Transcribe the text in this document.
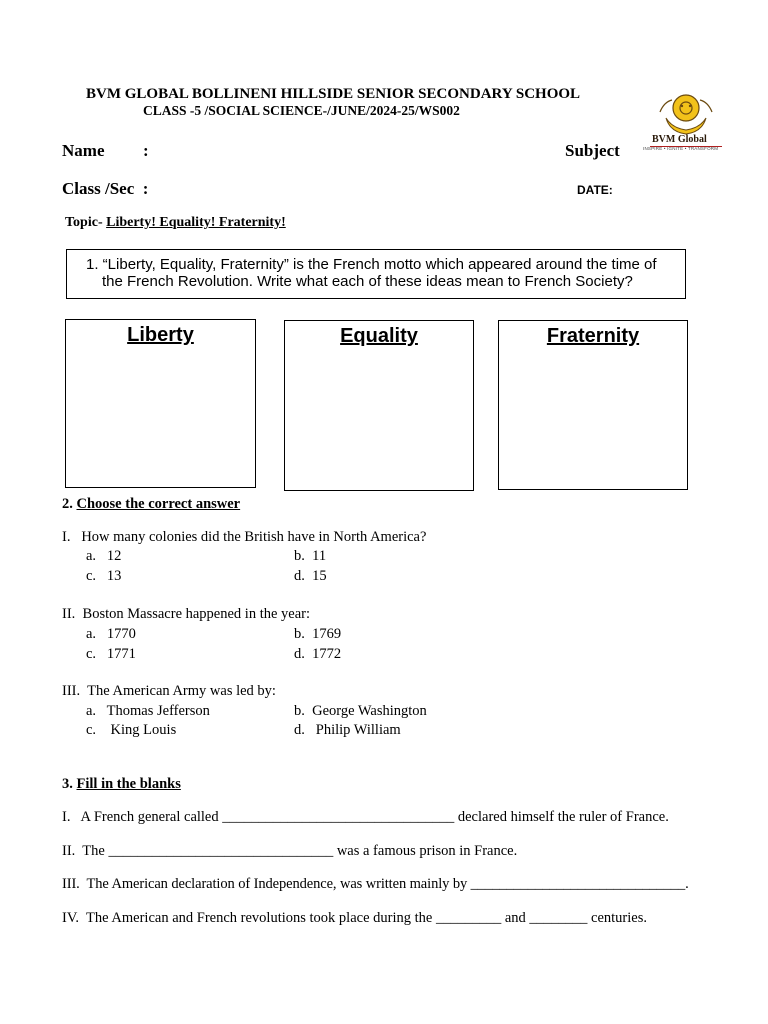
BVM GLOBAL BOLLINENI HILLSIDE SENIOR SECONDARY SCHOOL
CLASS -5 /SOCIAL SCIENCE-/JUNE/2024-25/WS002
BVM Global
INSPIRE • IGNITE • TRANSFORM
Name :	Subject
Class /Sec  :	DATE:
Topic- Liberty! Equality! Fraternity!
1. “Liberty, Equality, Fraternity” is the French motto which appeared around the time of
the French Revolution. Write what each of these ideas mean to French Society?
Liberty	Equality	Fraternity
2. Choose the correct answer
I.   How many colonies did the British have in North America?
a.   12	b.  11
c.   13	d.  15
II.  Boston Massacre happened in the year:
a.   1770	b.  1769
c.   1771	d.  1772
III.  The American Army was led by:
a.   Thomas Jefferson	b.  George Washington
c.    King Louis	d.   Philip William
3. Fill in the blanks
I.   A French general called ________________________________ declared himself the ruler of France.
II.  The _______________________________ was a famous prison in France.
III.  The American declaration of Independence, was written mainly by ______________________________.
IV.  The American and French revolutions took place during the _________ and ________ centuries.
